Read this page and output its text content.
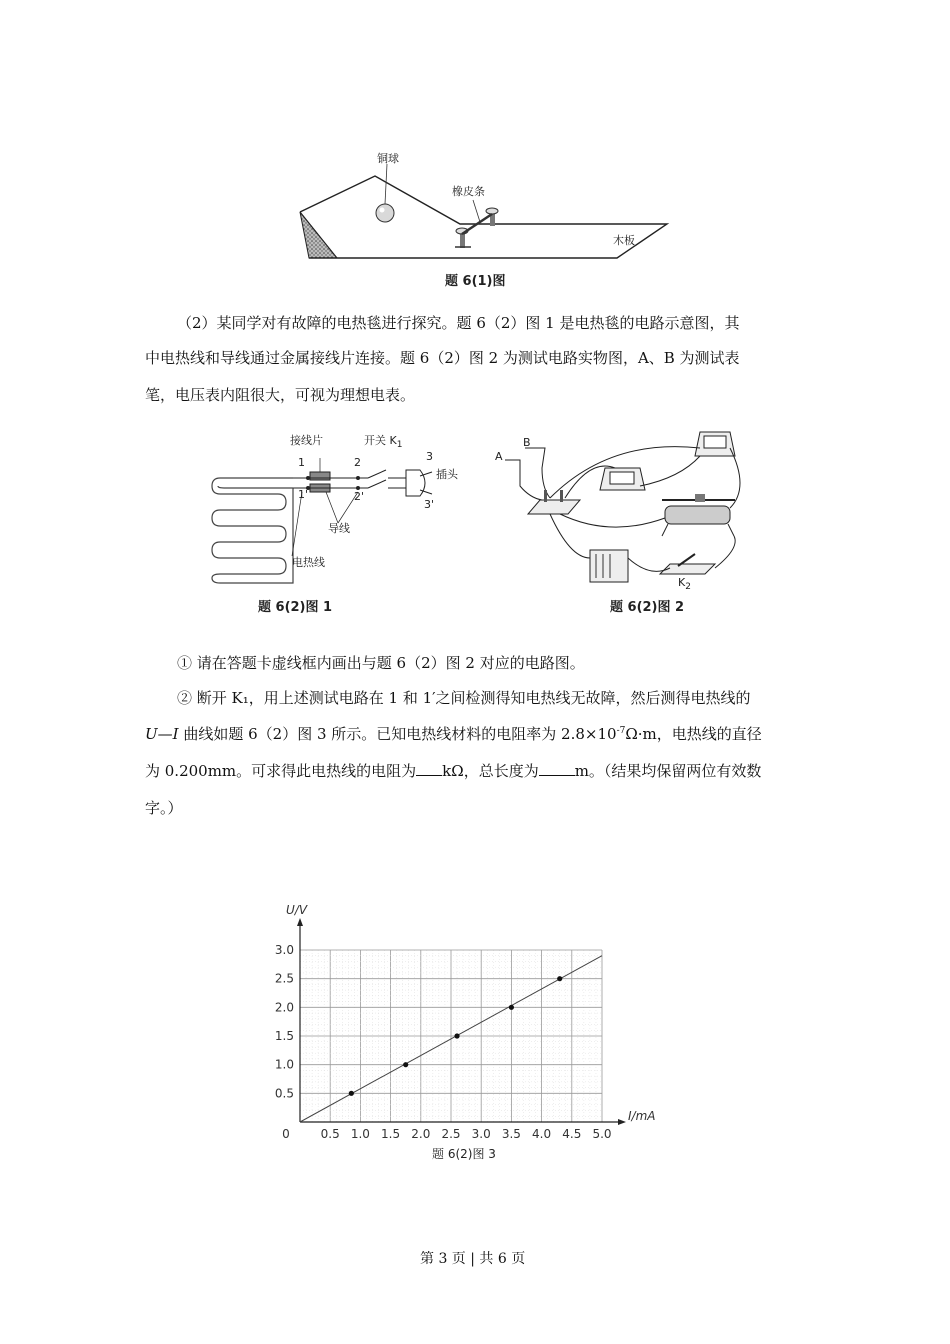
铜球
橡皮条
木板
题 6(1)图
（2）某同学对有故障的电热毯进行探究。题 6（2）图 1 是电热毯的电路示意图，其
中电热线和导线通过金属接线片连接。题 6（2）图 2 为测试电路实物图，A、B 为测试表
笔，电压表内阻很大，可视为理想电表。
接线片	开关 $K_1$
1
1'
2
2'
3
3'
插头
导线
电热线
题 6(2)图 1
A
B
$K_2$
题 6(2)图 2
① 请在答题卡虚线框内画出与题 6（2）图 2 对应的电路图。
② 断开 K₁，用上述测试电路在 1 和 1′之间检测得知电热线无故障，然后测得电热线的
U—I 曲线如题 6（2）图 3 所示。已知电热线材料的电阻率为 $2.8\times 10^{-7}\Omega\cdot m$，电热线的直径
为 0.200mm。可求得此电热线的电阻为 kΩ，总长度为 m。（结果均保留两位有效数
字。）
0.5 1.0 1.5 2.0 2.5 3.0 3.5 4.0 4.5 5.0
0.5
1.0
1.5
2.0
2.5
3.0
0
I/mA
U/V
题 6(2)图 3
第 3 页 | 共 6 页
